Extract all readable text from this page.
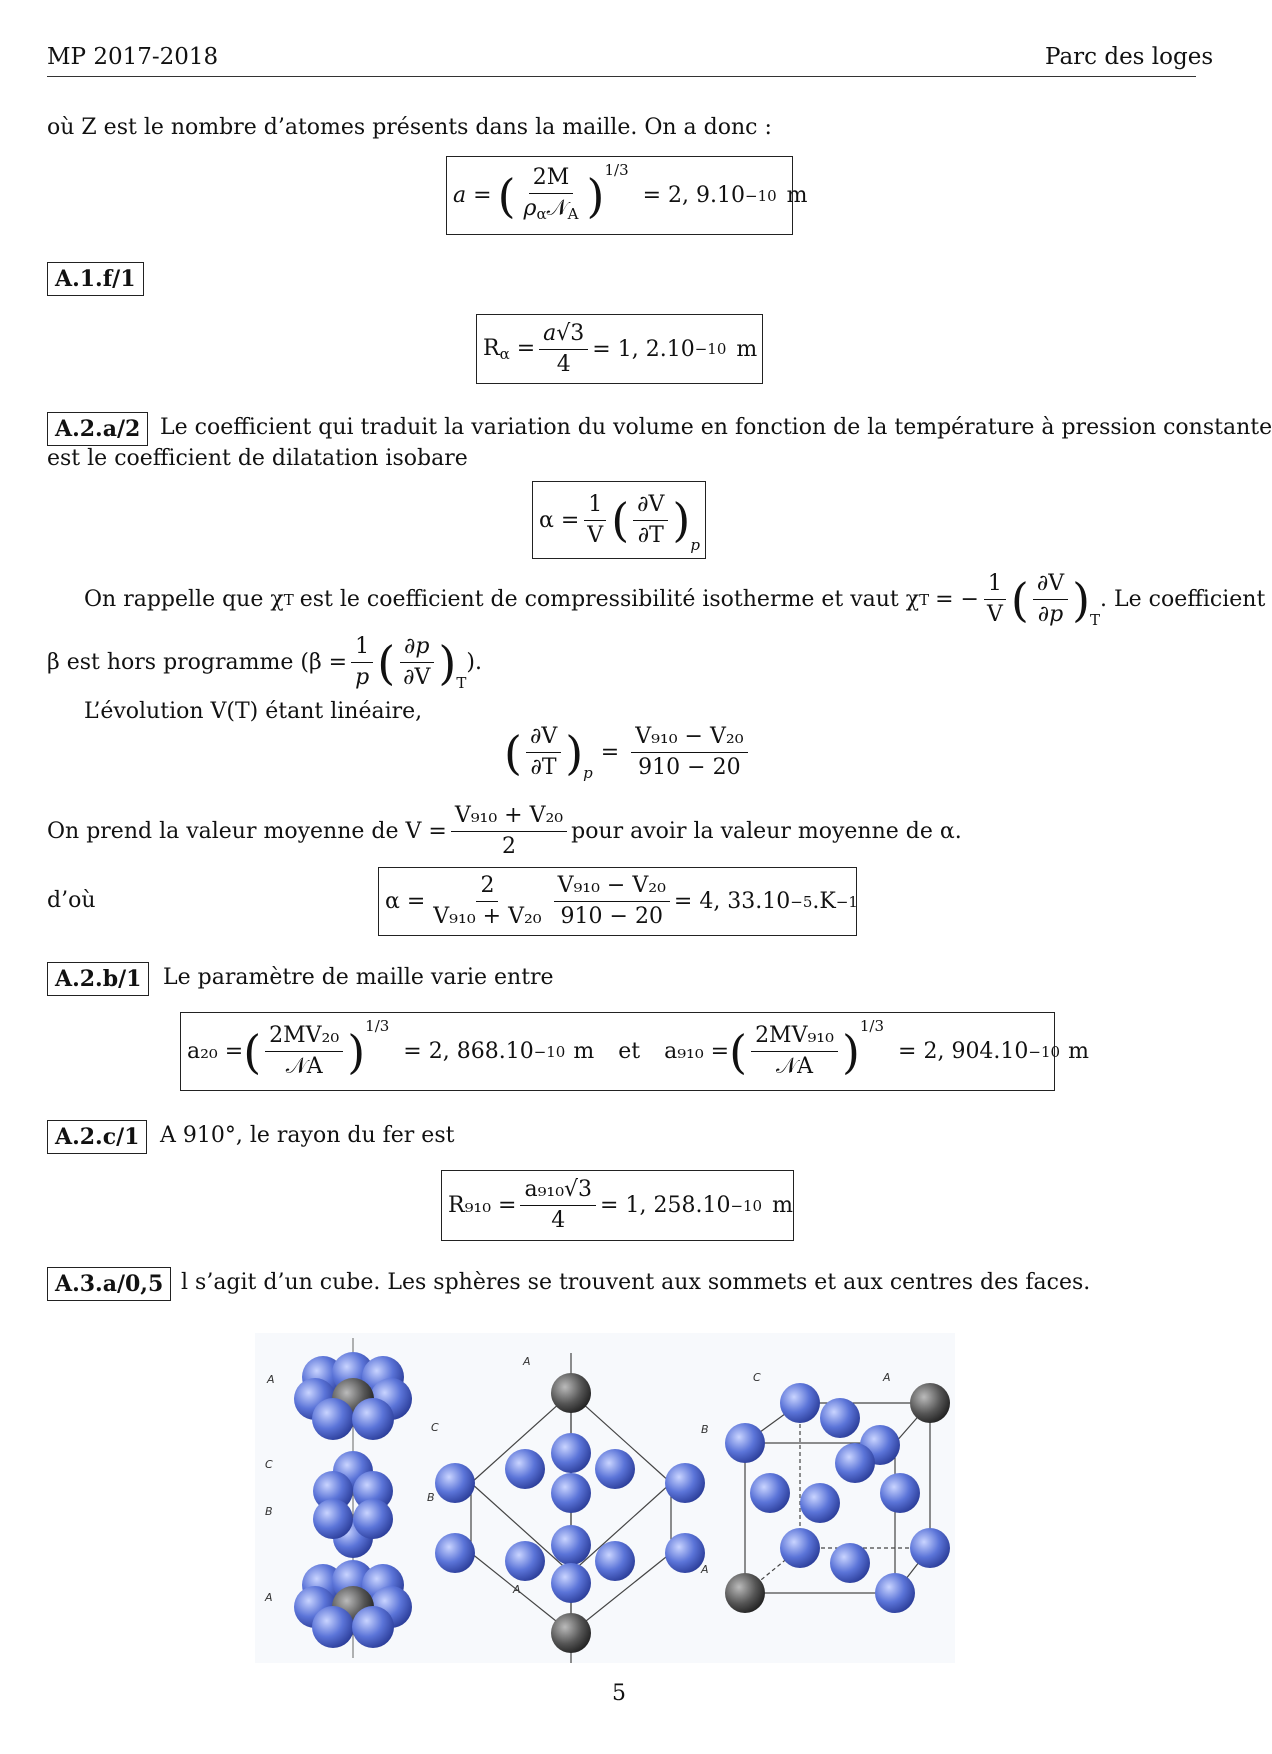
MP 2017-2018	Parc des loges
où Z est le nombre d’atomes présents dans la maille. On a donc :
a = ( $\frac{2M}{\rho_\alpha 𝒩_A} )^{1/3}$
= 2, 9.10 −10 m
A.1.f/1
$R_\alpha = \frac{a√3}{4} = 1$, 2.10 −10 m
A.2.a/2 Le coefficient qui traduit la variation du volume en fonction de la température à pression constante
est le coefficient de dilatation isobare
$\alpha = \frac{1}{V}$ ( $\frac{\partial V}{\partial T}$ ) p
On rappelle que χ T est le coefficient de compressibilité isotherme et vaut χ T = − $\frac{1}{V}$ ( $\frac{\partial V}{\partial p}$ ) T
. Le coefficient
β est hors programme ($\beta = \frac{1}{p}$ ( $\frac{\partial p}{\partial V}$ ) T
).
L’évolution V(T) étant linéaire,
( $\frac{\partial V}{\partial T}$ ) p
= $\frac{\text{V₉₁₀ − V₂₀}}{910 - 20}$
On prend la valeur moyenne de $V = \frac{\text{V₉₁₀ + V₂₀}}{2}$ pour avoir la valeur moyenne de α.
d’où	$\alpha = \frac{2}{\text{V₉₁₀ + V₂₀}} \frac{\text{V₉₁₀ − V₂₀}}{910 - 20} = 4$, 33.10 −5 .K −1
A.2.b/1 Le paramètre de maille varie entre
a₂₀ = ( $\frac{\text{2MV₂₀}}{\text{𝒩A}} )^{1/3}$
= 2, 868.10 −10 m et a₉₁₀ = ( $\frac{\text{2MV₉₁₀}}{\text{𝒩A}} )^{1/3}$
= 2, 904.10 −10 m
A.2.c/1 A 910°, le rayon du fer est
$R_{910} = \frac{\text{a₉₁₀√3}}{4} = 1$, 258.10 −10 m
A.3.a/0,5 l s’agit d’un cube. Les sphères se trouvent aux sommets et aux centres des faces.
A
C
B
A
A
C
B
A
C	A
B
A
5
